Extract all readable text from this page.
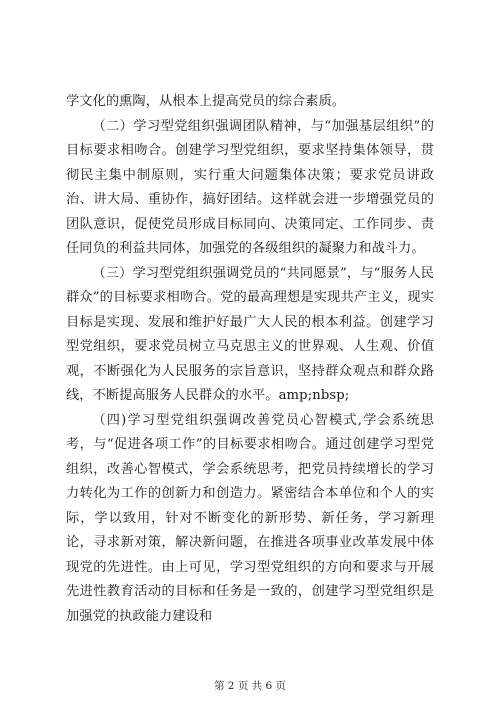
学文化的熏陶，从根本上提高党员的综合素质。

（二）学习型党组织强调团队精神，与“加强基层组织”的目标要求相吻合。创建学习型党组织，要求坚持集体领导，贯彻民主集中制原则，实行重大问题集体决策；要求党员讲政治、讲大局、重协作，搞好团结。这样就会进一步增强党员的团队意识，促使党员形成目标同向、决策同定、工作同步、责任同负的利益共同体，加强党的各级组织的凝聚力和战斗力。

（三）学习型党组织强调党员的“共同愿景”，与“服务人民群众”的目标要求相吻合。党的最高理想是实现共产主义，现实目标是实现、发展和维护好最广大人民的根本利益。创建学习型党组织，要求党员树立马克思主义的世界观、人生观、价值观，不断强化为人民服务的宗旨意识，坚持群众观点和群众路线，不断提高服务人民群众的水平。amp;nbsp;

（四)学习型党组织强调改善党员心智模式,学会系统思考，与“促进各项工作”的目标要求相吻合。通过创建学习型党组织，改善心智模式，学会系统思考，把党员持续增长的学习力转化为工作的创新力和创造力。紧密结合本单位和个人的实际，学以致用，针对不断变化的新形势、新任务，学习新理论，寻求新对策，解决新问题，在推进各项事业改革发展中体现党的先进性。由上可见，学习型党组织的方向和要求与开展先进性教育活动的目标和任务是一致的，创建学习型党组织是加强党的执政能力建设和

第 2 页 共 6 页
